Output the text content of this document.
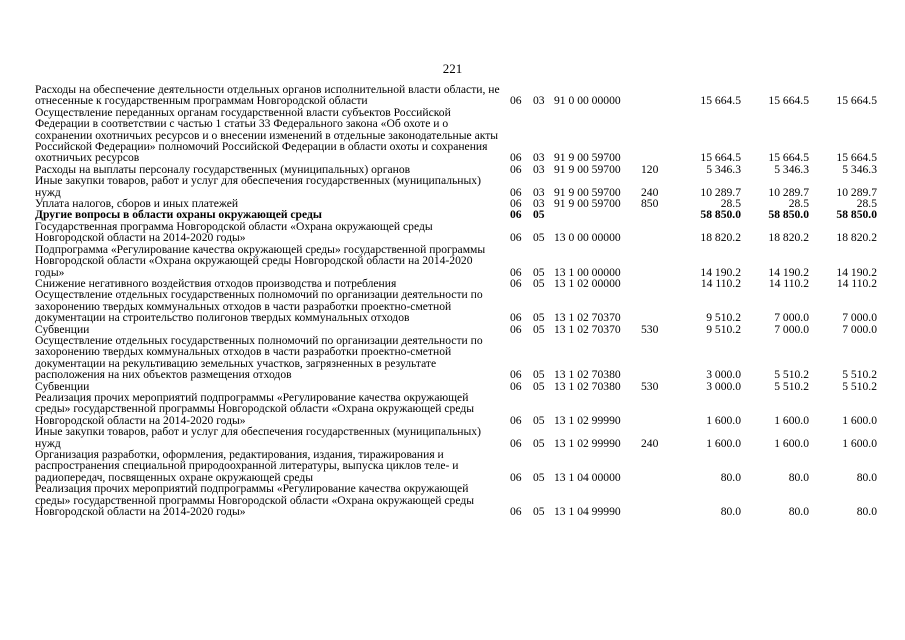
221
Расходы на обеспечение деятельности отдельных органов исполнительной власти области, не отнесенные к государственным программам Новгородской области	06	03	91 0 00 00000		15 664.5	15 664.5	15 664.5
Осуществление переданных органам государственной власти субъектов Российской Федерации в соответствии с частью 1 статьи 33 Федерального закона «Об охоте и о сохранении охотничьих ресурсов и о внесении изменений в отдельные законодательные акты Российской Федерации» полномочий Российской Федерации в области охоты и сохранения охотничьих ресурсов	06	03	91 9 00 59700		15 664.5	15 664.5	15 664.5
Расходы на выплаты персоналу государственных (муниципальных) органов	06	03	91 9 00 59700	120	5 346.3	5 346.3	5 346.3
Иные закупки товаров, работ и услуг для обеспечения государственных (муниципальных) нужд	06	03	91 9 00 59700	240	10 289.7	10 289.7	10 289.7
Уплата налогов, сборов и иных платежей	06	03	91 9 00 59700	850	28.5	28.5	28.5
Другие вопросы в области охраны окружающей среды	06	05			58 850.0	58 850.0	58 850.0
Государственная программа Новгородской области «Охрана окружающей среды Новгородской области на 2014-2020 годы»	06	05	13 0 00 00000		18 820.2	18 820.2	18 820.2
Подпрограмма «Регулирование качества окружающей среды» государственной программы Новгородской области «Охрана окружающей среды Новгородской области на 2014-2020 годы»	06	05	13 1 00 00000		14 190.2	14 190.2	14 190.2
Снижение негативного воздействия отходов производства и потребления	06	05	13 1 02 00000		14 110.2	14 110.2	14 110.2
Осуществление отдельных государственных полномочий по организации деятельности по захоронению твердых коммунальных отходов в части разработки проектно-сметной документации на строительство полигонов твердых коммунальных отходов	06	05	13 1 02 70370		9 510.2	7 000.0	7 000.0
Субвенции	06	05	13 1 02 70370	530	9 510.2	7 000.0	7 000.0
Осуществление отдельных государственных полномочий по организации деятельности по захоронению твердых коммунальных отходов в части разработки проектно-сметной документации на рекультивацию земельных участков, загрязненных в результате расположения на них объектов размещения отходов	06	05	13 1 02 70380		3 000.0	5 510.2	5 510.2
Субвенции	06	05	13 1 02 70380	530	3 000.0	5 510.2	5 510.2
Реализация прочих мероприятий подпрограммы «Регулирование качества окружающей среды» государственной программы Новгородской области «Охрана окружающей среды Новгородской области на 2014-2020 годы»	06	05	13 1 02 99990		1 600.0	1 600.0	1 600.0
Иные закупки товаров, работ и услуг для обеспечения государственных (муниципальных) нужд	06	05	13 1 02 99990	240	1 600.0	1 600.0	1 600.0
Организация разработки, оформления, редактирования, издания, тиражирования и распространения специальной природоохранной литературы, выпуска циклов теле- и радиопередач, посвященных охране окружающей среды	06	05	13 1 04 00000		80.0	80.0	80.0
Реализация прочих мероприятий подпрограммы «Регулирование качества окружающей среды» государственной программы Новгородской области «Охрана окружающей среды Новгородской области на 2014-2020 годы»	06	05	13 1 04 99990		80.0	80.0	80.0
